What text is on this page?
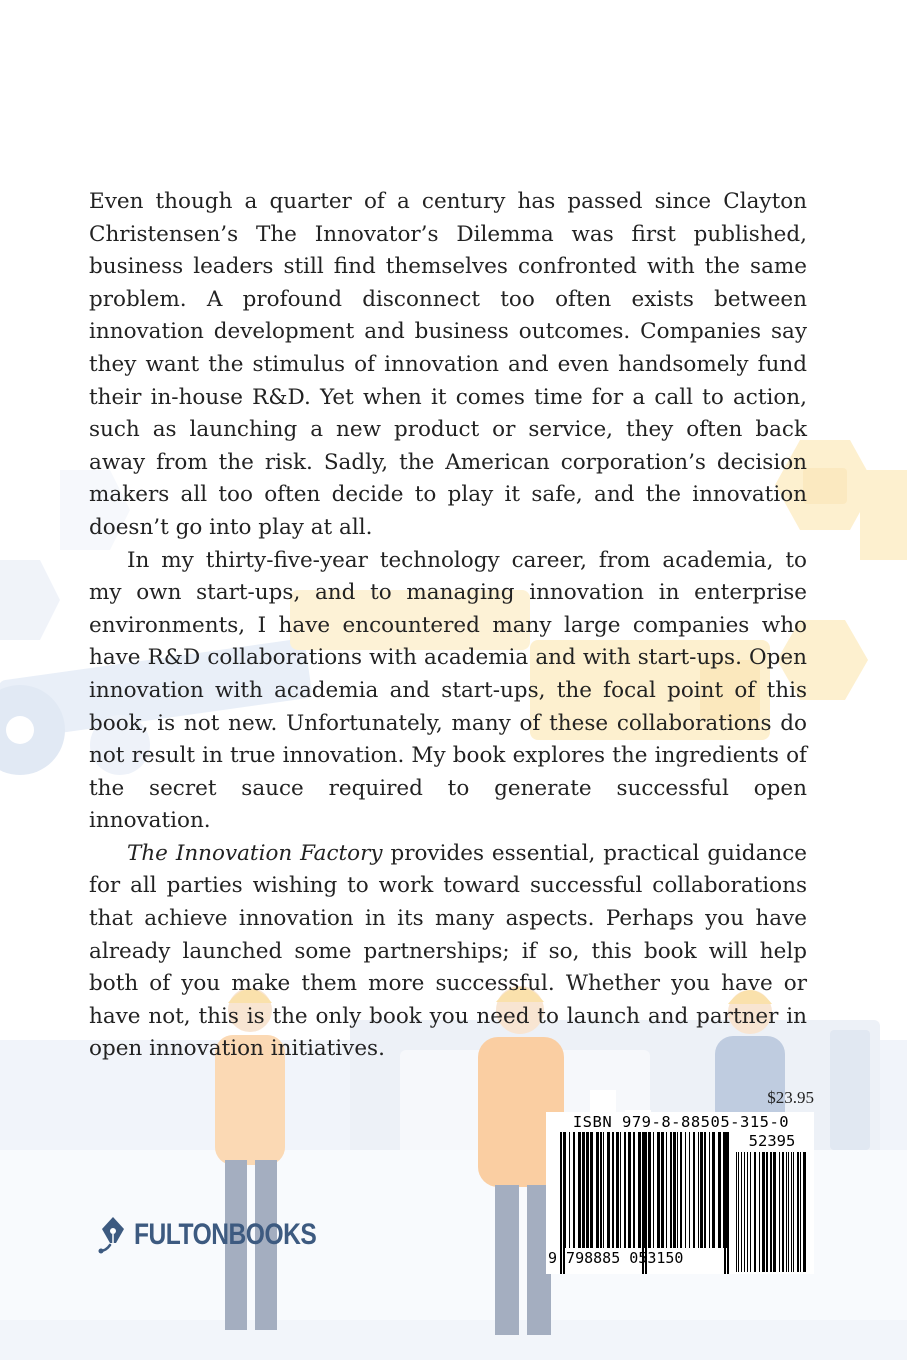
Even though a quarter of a century has passed since Clayton Christensen’s The Innovator’s Dilemma was first published, business leaders still find themselves confronted with the same problem. A profound disconnect too often exists between innovation development and business outcomes. Companies say they want the stimulus of innovation and even handsomely fund their in-house R&D. Yet when it comes time for a call to action, such as launching a new product or service, they often back away from the risk. Sadly, the American corporation’s decision makers all too often decide to play it safe, and the innovation doesn’t go into play at all.

In my thirty-five-year technology career, from academia, to my own start-ups, and to managing innovation in enterprise environments, I have encountered many large companies who have R&D collaborations with academia and with start-ups. Open innovation with academia and start-ups, the focal point of this book, is not new. Unfortunately, many of these collaborations do not result in true innovation. My book explores the ingredients of the secret sauce required to generate successful open innovation.

The Innovation Factory provides essential, practical guidance for all parties wishing to work toward successful collaborations that achieve innovation in its many aspects. Perhaps you have already launched some partnerships; if so, this book will help both of you make them more successful. Whether you have or have not, this is the only book you need to launch and partner in open innovation initiatives.

$23.95
ISBN 979-8-88505-315-0
52395
9 798885 053150
FULTONBOOKS
